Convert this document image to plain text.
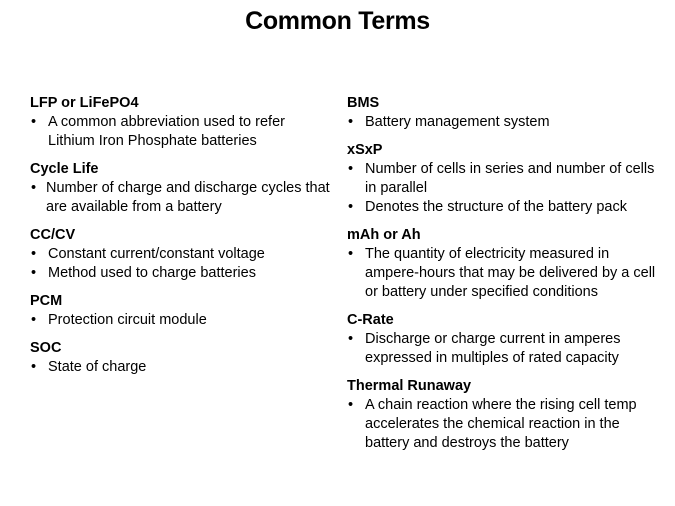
Common Terms
LFP or LiFePO4
• A common abbreviation used to refer Lithium Iron Phosphate batteries
Cycle Life
• Number of charge and discharge cycles that are available from a battery
CC/CV
• Constant current/constant voltage
• Method used to charge batteries
PCM
• Protection circuit module
SOC
• State of charge
BMS
• Battery management system
xSxP
• Number of cells in series and number of cells in parallel
• Denotes the structure of the battery pack
mAh or Ah
• The quantity of electricity measured in ampere-hours that may be delivered by a cell or battery under specified conditions
C-Rate
• Discharge or charge current in amperes expressed in multiples of rated capacity
Thermal Runaway
• A chain reaction where the rising cell temp accelerates the chemical reaction in the battery and destroys the battery
